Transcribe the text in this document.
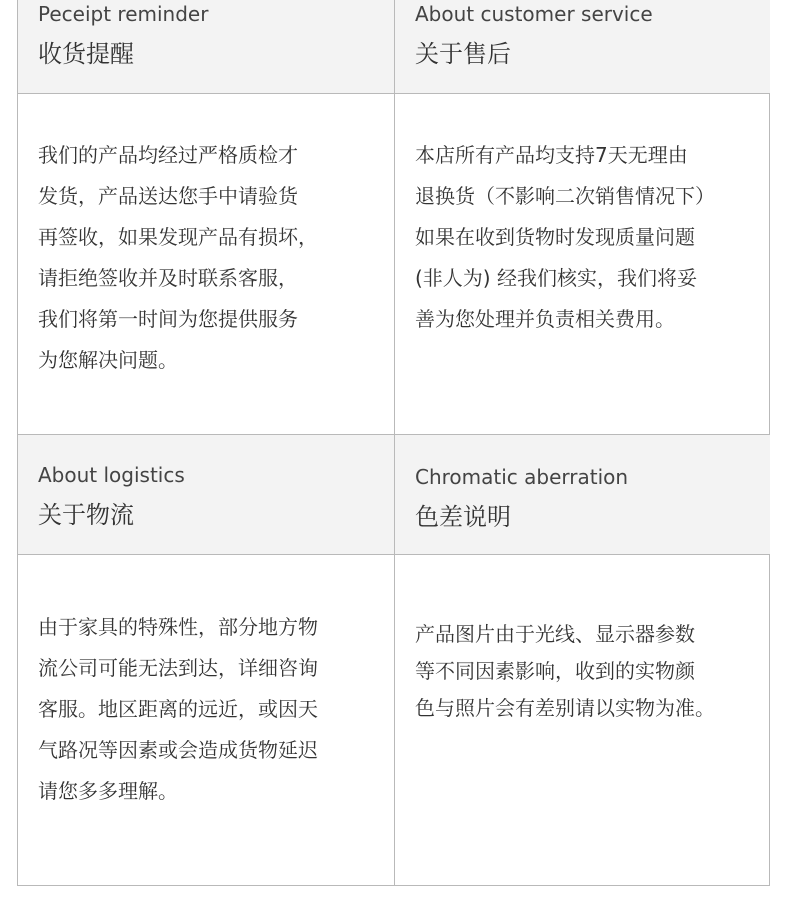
Peceipt reminder
收货提醒
About customer service
关于售后
我们的产品均经过严格质检才
发货，产品送达您手中请验货
再签收，如果发现产品有损坏，
请拒绝签收并及时联系客服，
我们将第一时间为您提供服务
为您解决问题。
本店所有产品均支持7天无理由
退换货（不影响二次销售情况下）
如果在收到货物时发现质量问题
(非人为) 经我们核实，我们将妥
善为您处理并负责相关费用。
About logistics
关于物流
Chromatic aberration
色差说明
由于家具的特殊性，部分地方物
流公司可能无法到达，详细咨询
客服。地区距离的远近，或因天
气路况等因素或会造成货物延迟
请您多多理解。
产品图片由于光线、显示器参数
等不同因素影响，收到的实物颜
色与照片会有差别请以实物为准。
